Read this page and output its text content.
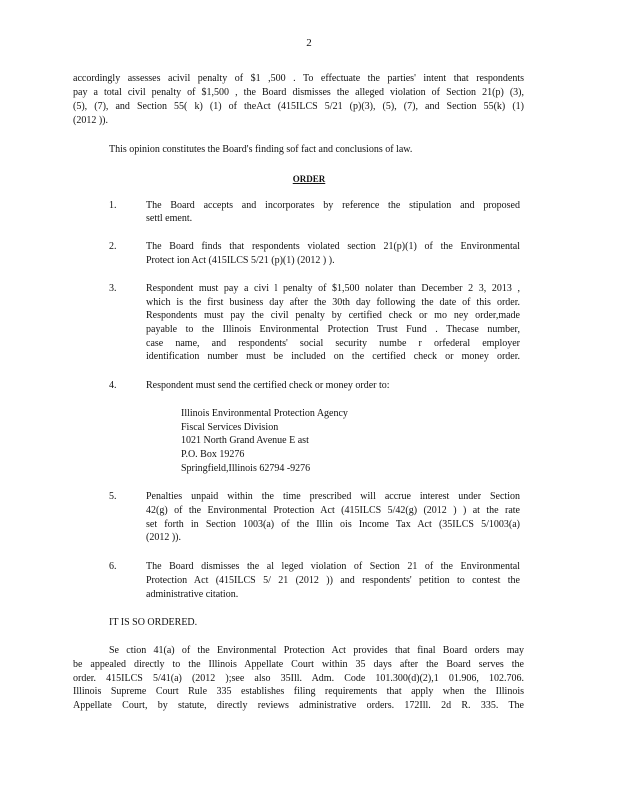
2
accordingly assesses acivil penalty of $1 ,500 . To effectuate the parties' intent that respondents
pay a total civil penalty of $1,500 , the Board dismisses the alleged violation of Section 21(p) (3),
(5), (7), and Section 55( k) (1) of theAct (415ILCS 5/21 (p)(3), (5), (7), and Section 55(k) (1)
(2012 )).
This opinion constitutes the Board's finding sof fact and conclusions of law.
ORDER
1.	The Board accepts and incorporates by reference the stipulation and proposed
settl ement.
2.	The Board finds that respondents violated section 21(p)(1) of the Environmental
Protect ion Act (415ILCS 5/21 (p)(1) (2012 ) ).
3.	Respondent must pay a civi l penalty of $1,500 nolater than December 2 3, 2013 ,
which is the first business day after the 30th day following the date of this order.
Respondents must pay the civil penalty by certified check or mo ney order,made
payable to the Illinois Environmental Protection Trust Fund . Thecase number,
case name, and respondents' social security numbe r orfederal employer
identification number must be included on the certified check or money order.
4.	Respondent must send the certified check or money order to:
Illinois Environmental Protection Agency
Fiscal Services Division
1021 North Grand Avenue E ast
P.O. Box 19276
Springfield,Illinois 62794 -9276
5.	Penalties unpaid within the time prescribed will accrue interest under Section
42(g) of the Environmental Protection Act (415ILCS 5/42(g) (2012 ) ) at the rate
set forth in Section 1003(a) of the Illin ois Income Tax Act (35ILCS 5/1003(a)
(2012 )).
6.	The Board dismisses the al leged violation of Section 21 of the Environmental
Protection Act (415ILCS 5/ 21 (2012 )) and respondents' petition to contest the
administrative citation.
IT IS SO ORDERED.
Se ction 41(a) of the Environmental Protection Act provides that final Board orders may
be appealed directly to the Illinois Appellate Court within 35 days after the Board serves the
order. 415ILCS 5/41(a) (2012 );see also 35Ill. Adm. Code 101.300(d)(2),1 01.906, 102.706.
Illinois Supreme Court Rule 335 establishes filing requirements that apply when the Illinois
Appellate Court, by statute, directly reviews administrative orders. 172Ill. 2d R. 335. The
